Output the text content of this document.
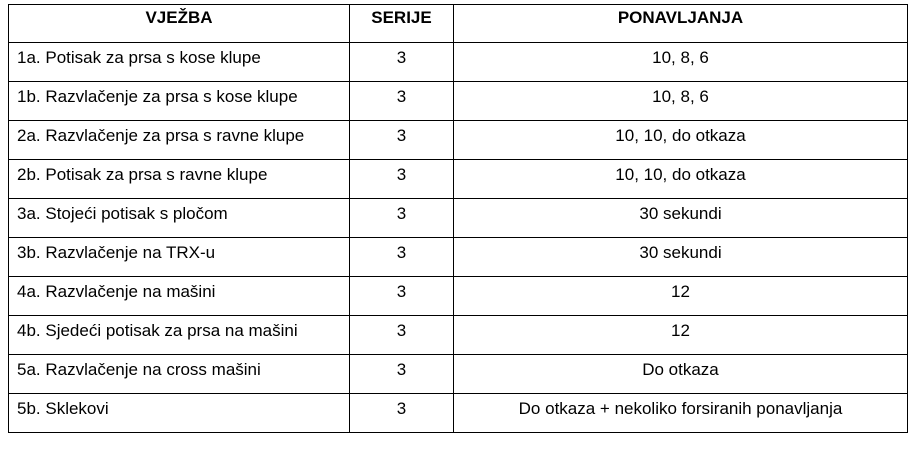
VJEŽBA	SERIJE	PONAVLJANJA
1a. Potisak za prsa s kose klupe	3	10, 8, 6
1b. Razvlačenje za prsa s kose klupe	3	10, 8, 6
2a. Razvlačenje za prsa s ravne klupe	3	10, 10, do otkaza
2b. Potisak za prsa s ravne klupe	3	10, 10, do otkaza
3a. Stojeći potisak s pločom	3	30 sekundi
3b. Razvlačenje na TRX-u	3	30 sekundi
4a. Razvlačenje na mašini	3	12
4b. Sjedeći potisak za prsa na mašini	3	12
5a. Razvlačenje na cross mašini	3	Do otkaza
5b. Sklekovi	3	Do otkaza + nekoliko forsiranih ponavljanja
